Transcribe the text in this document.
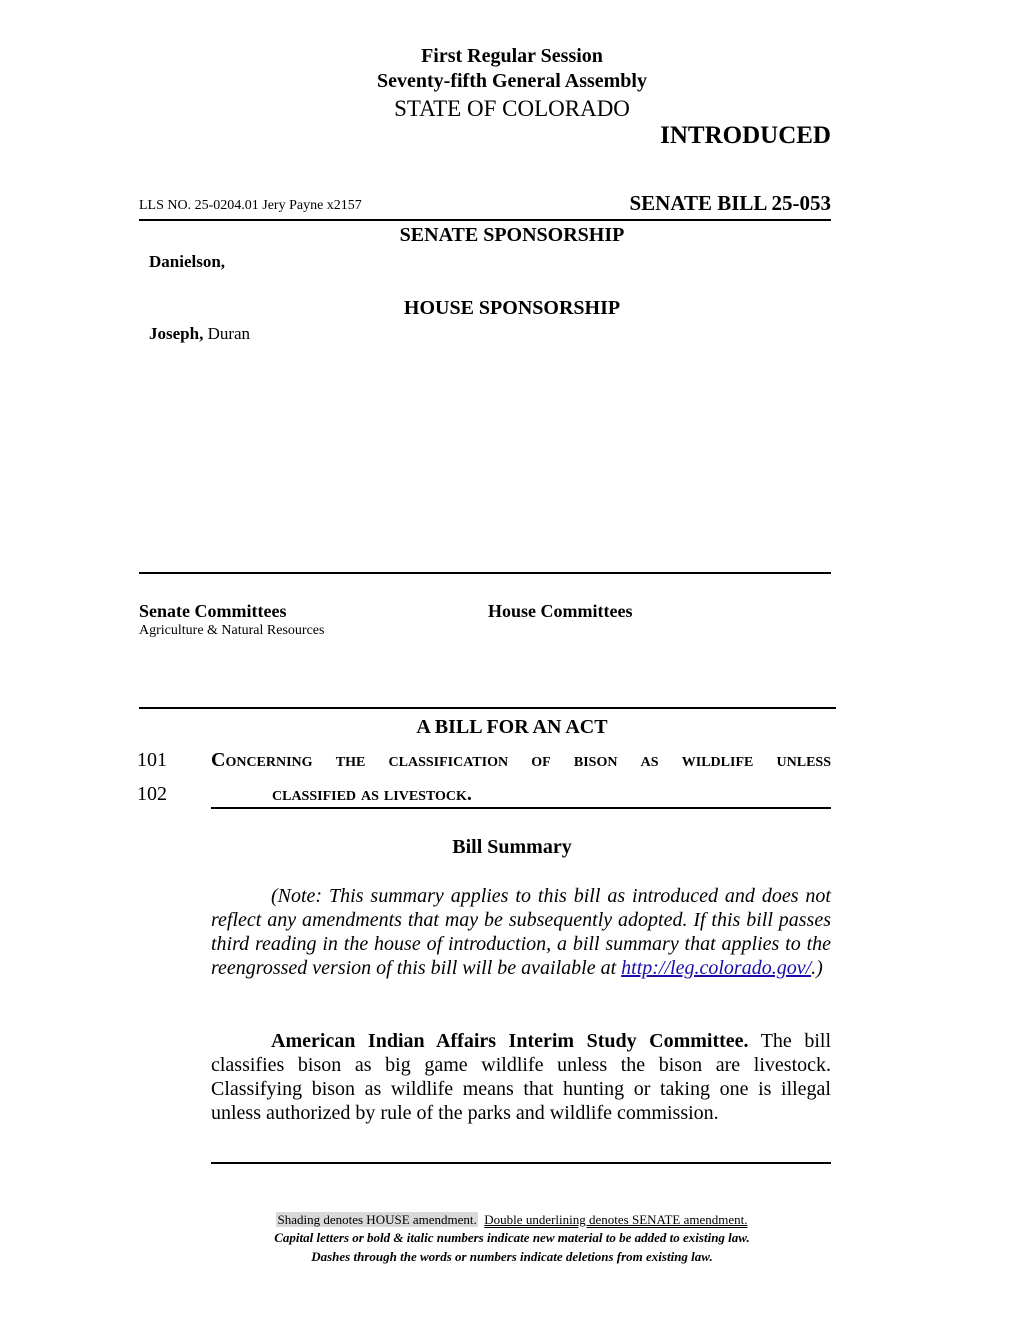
First Regular Session
Seventy-fifth General Assembly
STATE OF COLORADO
INTRODUCED
LLS NO. 25-0204.01 Jery Payne x2157	SENATE BILL 25-053
SENATE SPONSORSHIP
Danielson,
HOUSE SPONSORSHIP
Joseph, Duran
Senate Committees
Agriculture & Natural Resources
House Committees
A BILL FOR AN ACT
101 Concerning the classification of bison as wildlife unless
102	classified as livestock.
Bill Summary
(Note: This summary applies to this bill as introduced and does not reflect any amendments that may be subsequently adopted. If this bill passes third reading in the house of introduction, a bill summary that applies to the reengrossed version of this bill will be available at http://leg.colorado.gov/.)
American Indian Affairs Interim Study Committee. The bill classifies bison as big game wildlife unless the bison are livestock. Classifying bison as wildlife means that hunting or taking one is illegal unless authorized by rule of the parks and wildlife commission.
Shading denotes HOUSE amendment. Double underlining denotes SENATE amendment.
Capital letters or bold & italic numbers indicate new material to be added to existing law.
Dashes through the words or numbers indicate deletions from existing law.
